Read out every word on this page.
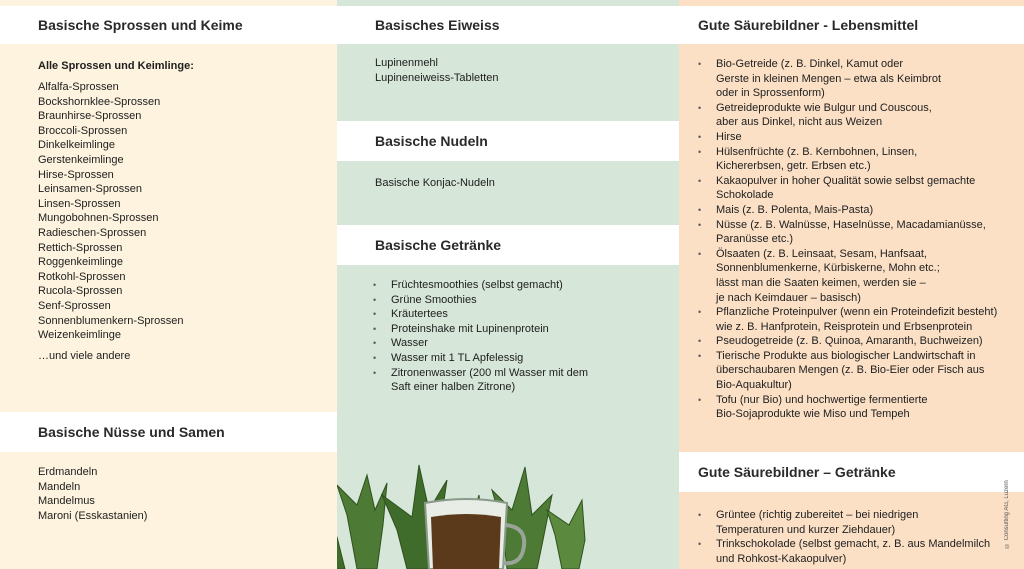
Basische Sprossen und Keime
Alle Sprossen und Keimlinge:
Alfalfa-Sprossen
Bockshornklee-Sprossen
Braunhirse-Sprossen
Broccoli-Sprossen
Dinkelkeimlinge
Gerstenkeimlinge
Hirse-Sprossen
Leinsamen-Sprossen
Linsen-Sprossen
Mungobohnen-Sprossen
Radieschen-Sprossen
Rettich-Sprossen
Roggenkeimlinge
Rotkohl-Sprossen
Rucola-Sprossen
Senf-Sprossen
Sonnenblumenkern-Sprossen
Weizenkeimlinge
…und viele andere
Basische Nüsse und Samen
Erdmandeln
Mandeln
Mandelmus
Maroni (Esskastanien)
Basisches Eiweiss
Lupinenmehl
Lupineneiweiss-Tabletten
Basische Nudeln
Basische Konjac-Nudeln
Basische Getränke
• Früchtesmoothies (selbst gemacht)
• Grüne Smoothies
• Kräutertees
• Proteinshake mit Lupinenprotein
• Wasser
• Wasser mit 1 TL Apfelessig
• Zitronenwasser (200 ml Wasser mit dem
Saft einer halben Zitrone)
Gute Säurebildner - Lebensmittel
• Bio-Getreide (z. B. Dinkel, Kamut oder
Gerste in kleinen Mengen – etwa als Keimbrot
oder in Sprossenform)
• Getreideprodukte wie Bulgur und Couscous,
aber aus Dinkel, nicht aus Weizen
• Hirse
• Hülsenfrüchte (z. B. Kernbohnen, Linsen,
Kichererbsen, getr. Erbsen etc.)
• Kakaopulver in hoher Qualität sowie selbst gemachte
Schokolade
• Mais (z. B. Polenta, Mais-Pasta)
• Nüsse (z. B. Walnüsse, Haselnüsse, Macadamianüsse,
Paranüsse etc.)
• Ölsaaten (z. B. Leinsaat, Sesam, Hanfsaat,
Sonnenblumenkerne, Kürbiskerne, Mohn etc.;
lässt man die Saaten keimen, werden sie –
je nach Keimdauer – basisch)
• Pflanzliche Proteinpulver (wenn ein Proteindefizit besteht)
wie z. B. Hanfprotein, Reisprotein und Erbsenprotein
• Pseudogetreide (z. B. Quinoa, Amaranth, Buchweizen)
• Tierische Produkte aus biologischer Landwirtschaft in
überschaubaren Mengen (z. B. Bio-Eier oder Fisch aus
Bio-Aquakultur)
• Tofu (nur Bio) und hochwertige fermentierte
Bio-Sojaprodukte wie Miso und Tempeh
Gute Säurebildner – Getränke
• Grüntee (richtig zubereitet – bei niedrigen
Temperaturen und kurzer Ziehdauer)
• Trinkschokolade (selbst gemacht, z. B. aus Mandelmilch
und Rohkost-Kakaopulver)
© Consulting AG, Luzern
